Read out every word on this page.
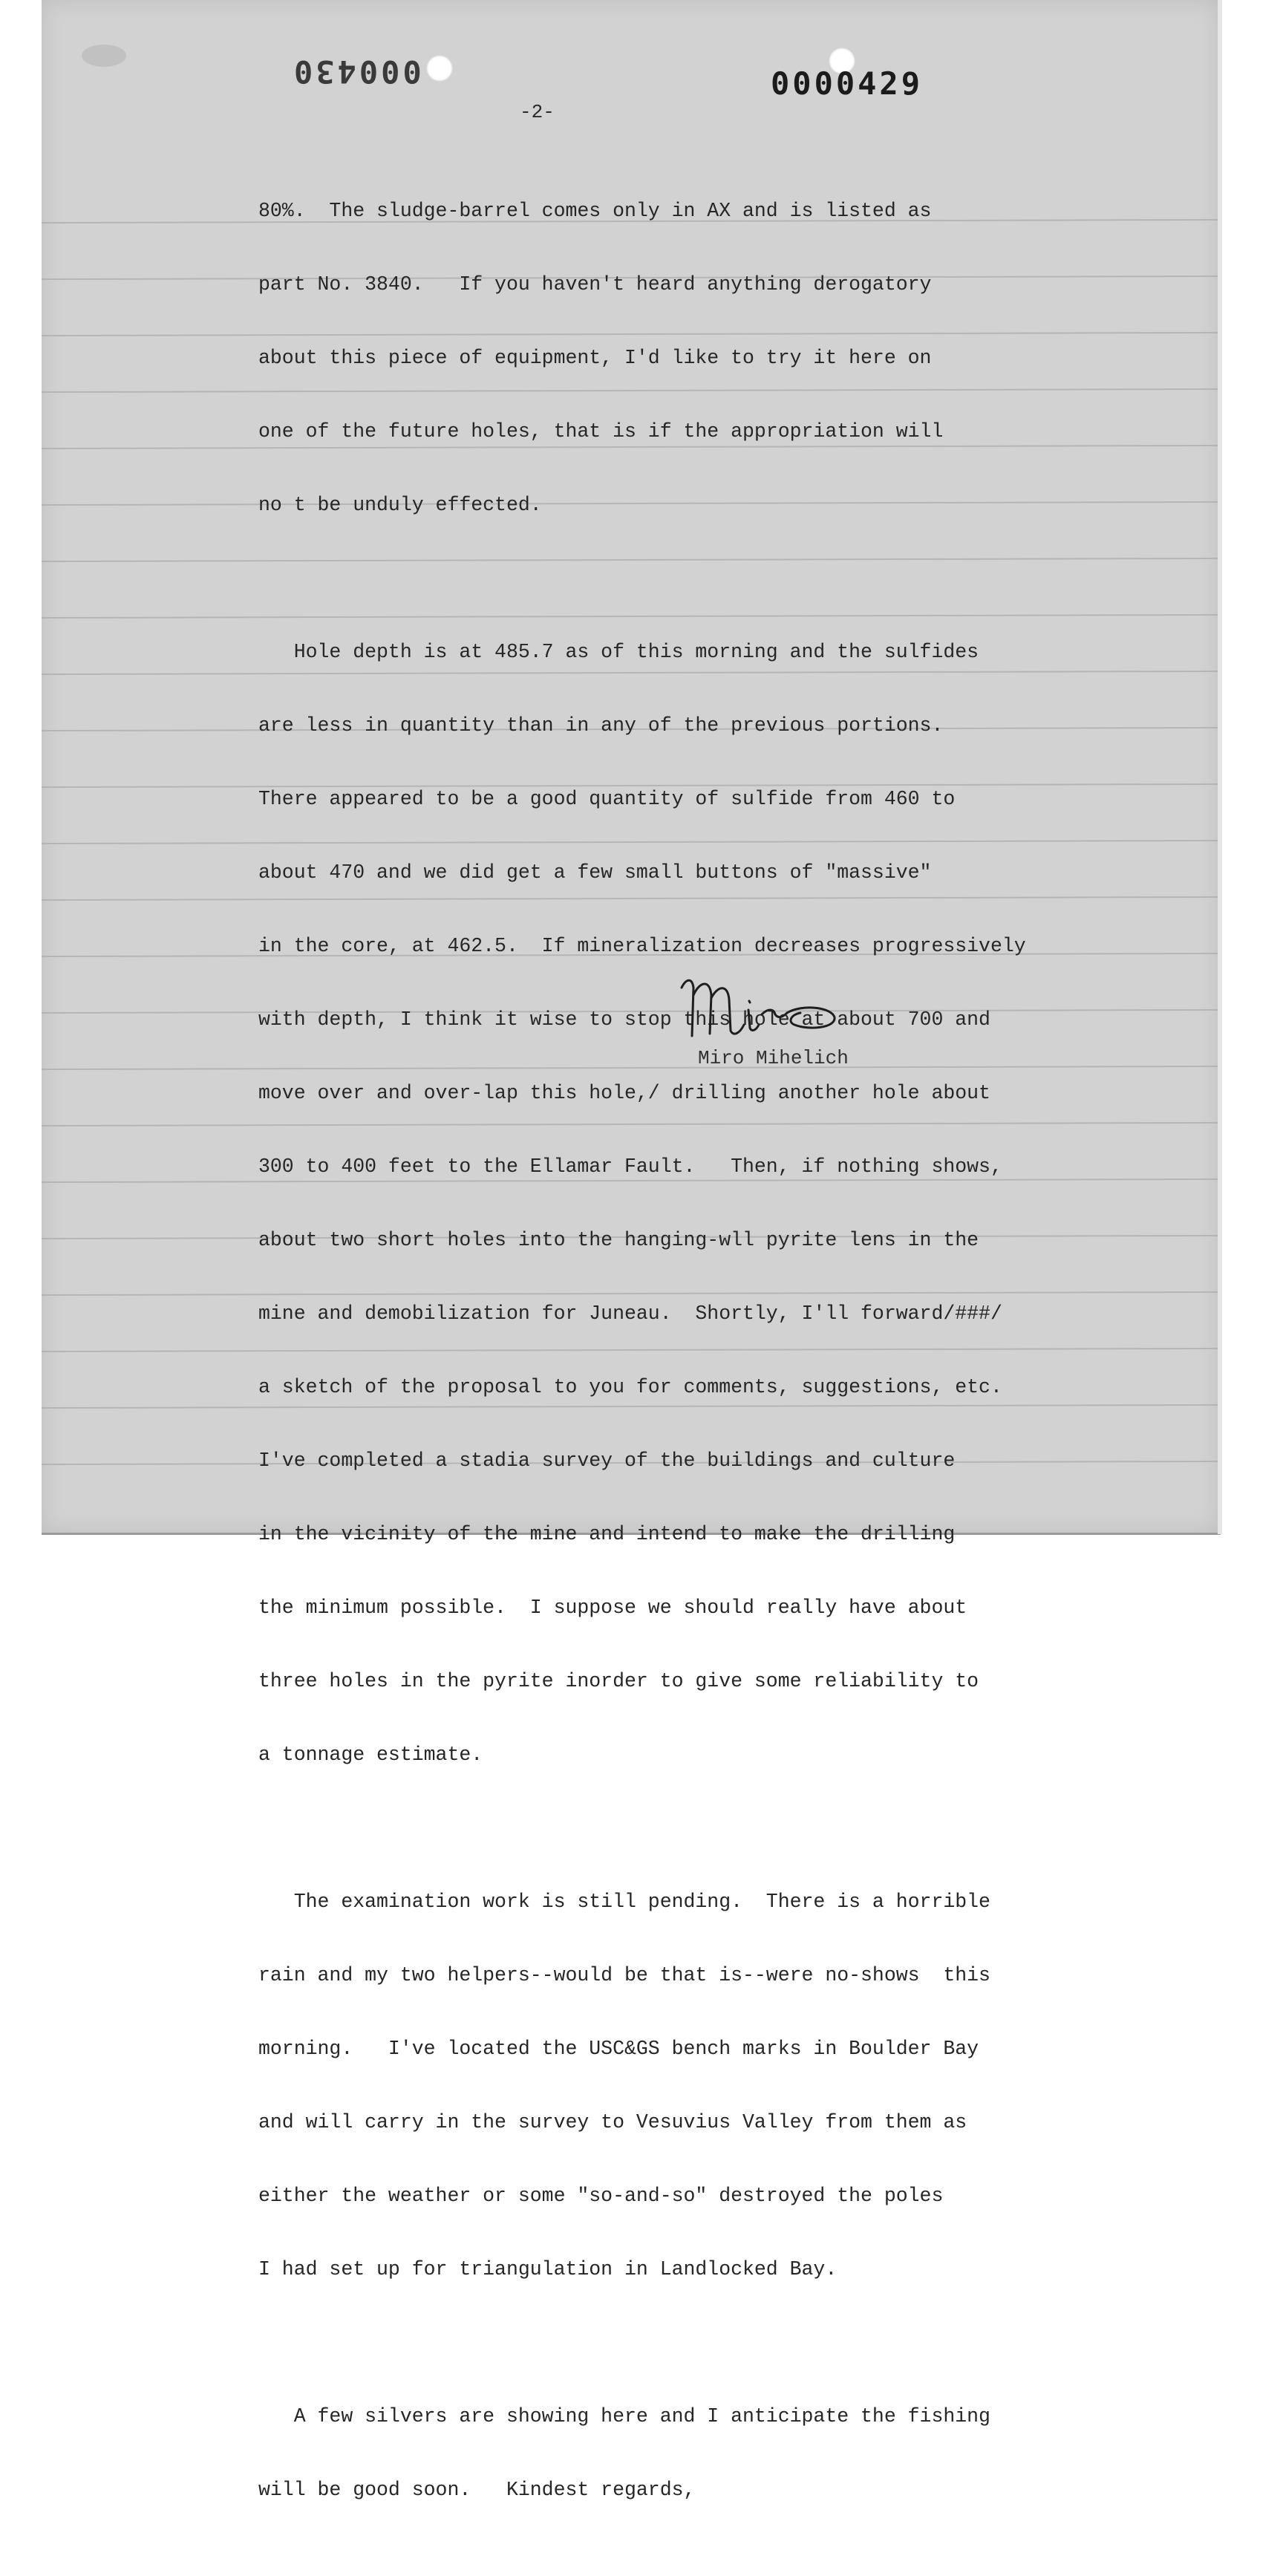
000430	0000429
-2-

80%.  The sludge-barrel comes only in AX and is listed as

part No. 3840.   If you haven't heard anything derogatory

about this piece of equipment, I'd like to try it here on

one of the future holes, that is if the appropriation will

no t be unduly effected.

Hole depth is at 485.7 as of this morning and the sulfides

are less in quantity than in any of the previous portions.

There appeared to be a good quantity of sulfide from 460 to

about 470 and we did get a few small buttons of "massive"

in the core, at 462.5.  If mineralization decreases progressively

with depth, I think it wise to stop this hole at about 700 and

move over and over-lap this hole,/ drilling another hole about

300 to 400 feet to the Ellamar Fault.   Then, if nothing shows,

about two short holes into the hanging-wll pyrite lens in the

mine and demobilization for Juneau.  Shortly, I'll forward/###/

a sketch of the proposal to you for comments, suggestions, etc.

I've completed a stadia survey of the buildings and culture

in the vicinity of the mine and intend to make the drilling

the minimum possible.  I suppose we should really have about

three holes in the pyrite inorder to give some reliability to

a tonnage estimate.

The examination work is still pending.  There is a horrible

rain and my two helpers--would be that is--were no-shows  this

morning.   I've located the USC&GS bench marks in Boulder Bay

and will carry in the survey to Vesuvius Valley from them as

either the weather or some "so-and-so" destroyed the poles

I had set up for triangulation in Landlocked Bay.

A few silvers are showing here and I anticipate the fishing

will be good soon.   Kindest regards,

Miro Mihelich
